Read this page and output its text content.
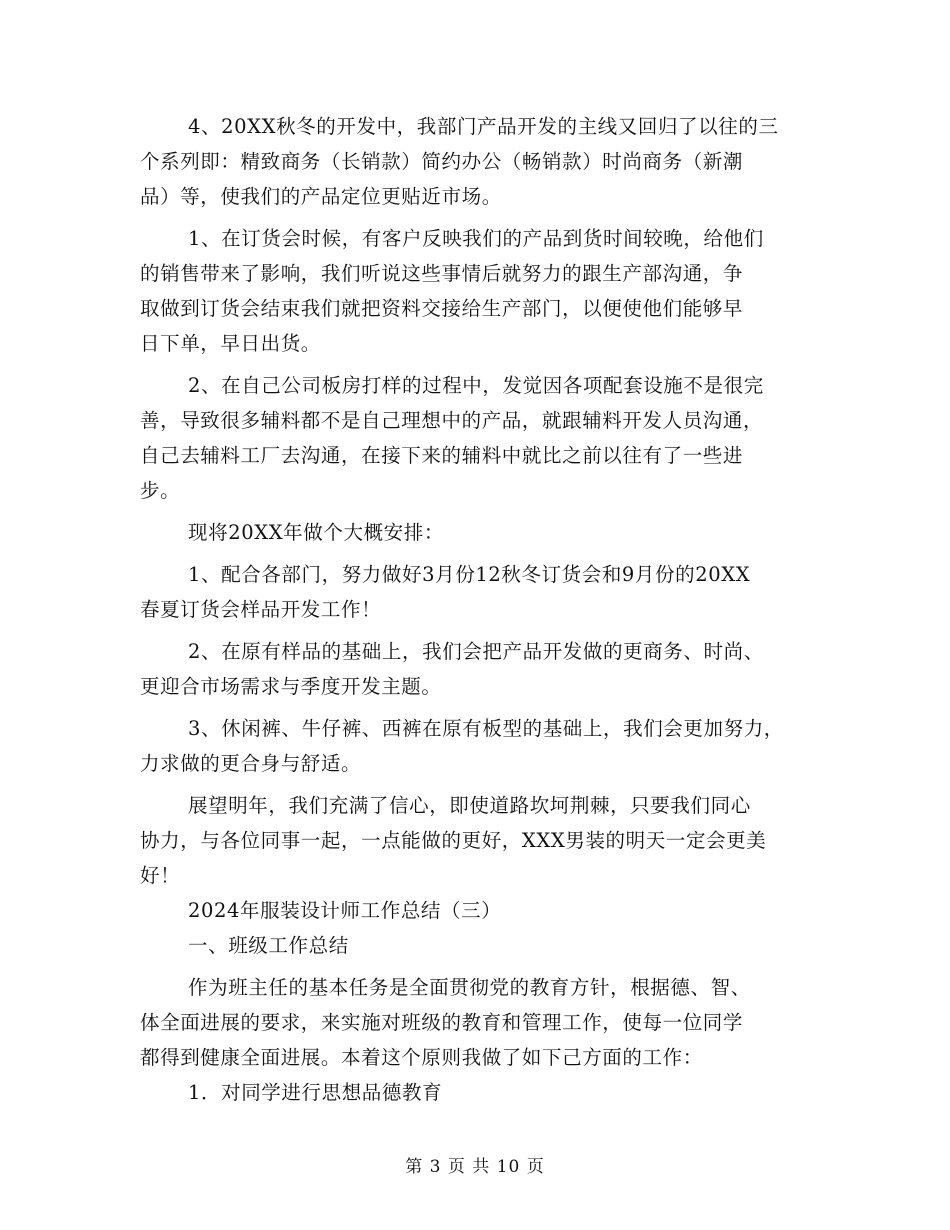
4、20XX秋冬的开发中，我部门产品开发的主线又回归了以往的三
个系列即：精致商务（长销款）简约办公（畅销款）时尚商务（新潮
品）等，使我们的产品定位更贴近市场。
1、在订货会时候，有客户反映我们的产品到货时间较晚，给他们
的销售带来了影响，我们听说这些事情后就努力的跟生产部沟通，争
取做到订货会结束我们就把资料交接给生产部门，以便使他们能够早
日下单，早日出货。
2、在自己公司板房打样的过程中，发觉因各项配套设施不是很完
善，导致很多辅料都不是自己理想中的产品，就跟辅料开发人员沟通，
自己去辅料工厂去沟通，在接下来的辅料中就比之前以往有了一些进
步。
现将20XX年做个大概安排：
1、配合各部门，努力做好3月份12秋冬订货会和9月份的20XX
春夏订货会样品开发工作！
2、在原有样品的基础上，我们会把产品开发做的更商务、时尚、
更迎合市场需求与季度开发主题。
3、休闲裤、牛仔裤、西裤在原有板型的基础上，我们会更加努力，
力求做的更合身与舒适。
展望明年，我们充满了信心，即使道路坎坷荆棘，只要我们同心
协力，与各位同事一起，一点能做的更好，XXX男装的明天一定会更美
好！
2024年服装设计师工作总结（三）
一、班级工作总结
作为班主任的基本任务是全面贯彻党的教育方针，根据德、智、
体全面进展的要求，来实施对班级的教育和管理工作，使每一位同学
都得到健康全面进展。本着这个原则我做了如下己方面的工作：
1．对同学进行思想品德教育
第 3 页 共 10 页
